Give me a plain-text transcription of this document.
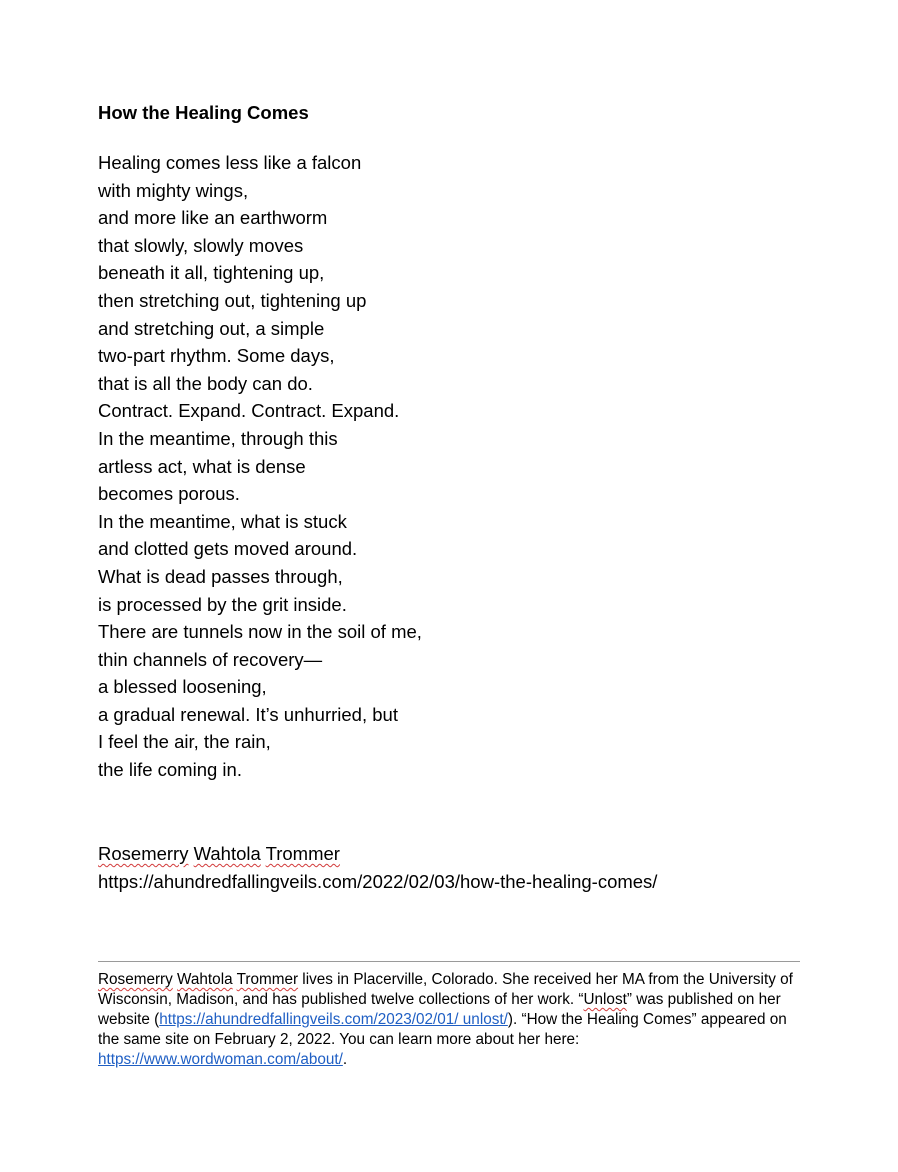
How the Healing Comes
Healing comes less like a falcon
with mighty wings,
and more like an earthworm
that slowly, slowly moves
beneath it all, tightening up,
then stretching out, tightening up
and stretching out, a simple
two-part rhythm. Some days,
that is all the body can do.
Contract. Expand. Contract. Expand.
In the meantime, through this
artless act, what is dense
becomes porous.
In the meantime, what is stuck
and clotted gets moved around.
What is dead passes through,
is processed by the grit inside.
There are tunnels now in the soil of me,
thin channels of recovery—
a blessed loosening,
a gradual renewal. It’s unhurried, but
I feel the air, the rain,
the life coming in.
Rosemerry Wahtola Trommer
https://ahundredfallingveils.com/2022/02/03/how-the-healing-comes/

Rosemerry Wahtola Trommer lives in Placerville, Colorado. She received her MA from the University of Wisconsin, Madison, and has published twelve collections of her work. “Unlost” was published on her website (https://ahundredfallingveils.com/2023/02/01/ unlost/). “How the Healing Comes” appeared on the same site on February 2, 2022. You can learn more about her here: https://www.wordwoman.com/about/.
